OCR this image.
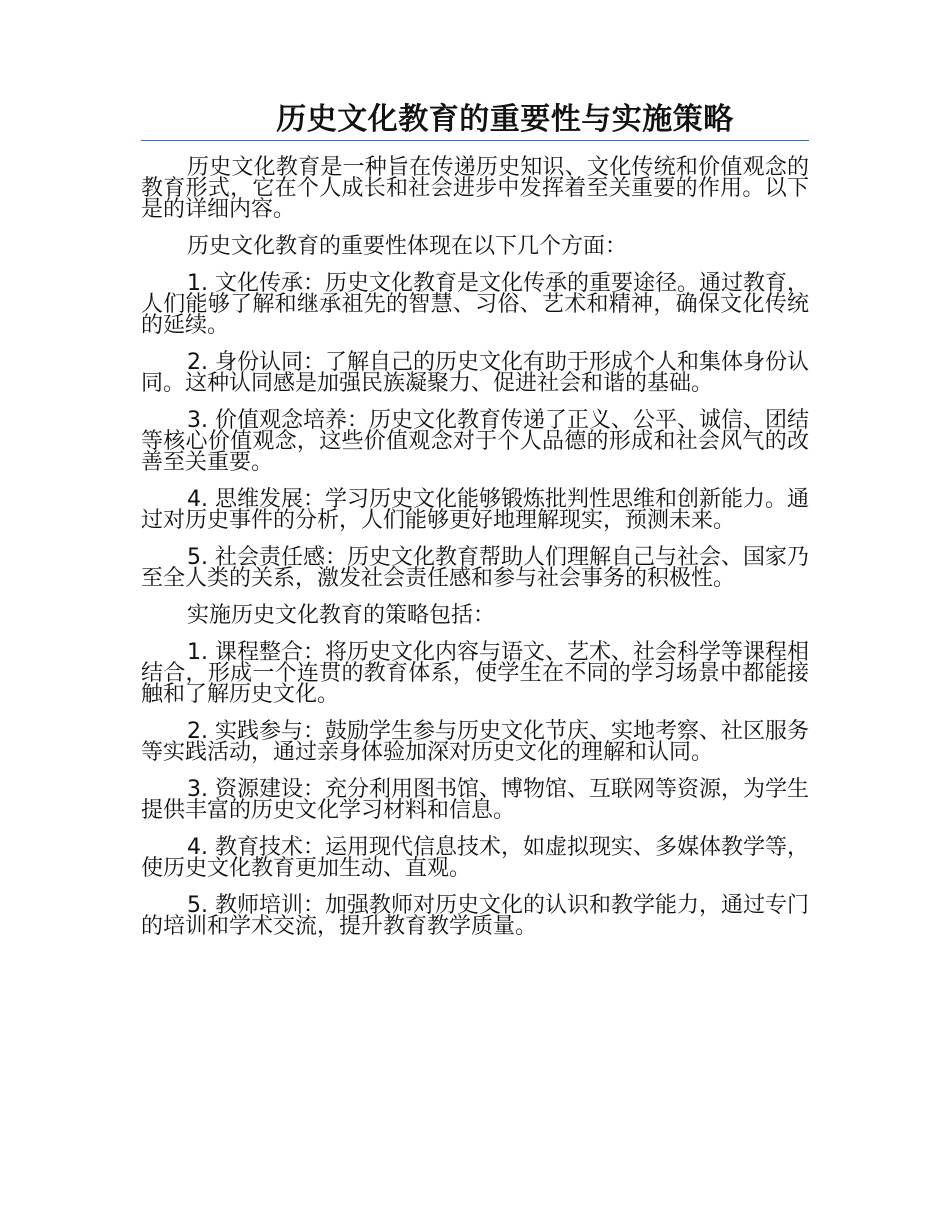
历史文化教育的重要性与实施策略

历史文化教育是一种旨在传递历史知识、文化传统和价值观念的教育形式，它在个人成长和社会进步中发挥着至关重要的作用。以下是的详细内容。

历史文化教育的重要性体现在以下几个方面：

1. 文化传承：历史文化教育是文化传承的重要途径。通过教育，人们能够了解和继承祖先的智慧、习俗、艺术和精神，确保文化传统的延续。

2. 身份认同：了解自己的历史文化有助于形成个人和集体身份认同。这种认同感是加强民族凝聚力、促进社会和谐的基础。

3. 价值观念培养：历史文化教育传递了正义、公平、诚信、团结等核心价值观念，这些价值观念对于个人品德的形成和社会风气的改善至关重要。

4. 思维发展：学习历史文化能够锻炼批判性思维和创新能力。通过对历史事件的分析，人们能够更好地理解现实，预测未来。

5. 社会责任感：历史文化教育帮助人们理解自己与社会、国家乃至全人类的关系，激发社会责任感和参与社会事务的积极性。

实施历史文化教育的策略包括：

1. 课程整合：将历史文化内容与语文、艺术、社会科学等课程相结合，形成一个连贯的教育体系，使学生在不同的学习场景中都能接触和了解历史文化。

2. 实践参与：鼓励学生参与历史文化节庆、实地考察、社区服务等实践活动，通过亲身体验加深对历史文化的理解和认同。

3. 资源建设：充分利用图书馆、博物馆、互联网等资源，为学生提供丰富的历史文化学习材料和信息。

4. 教育技术：运用现代信息技术，如虚拟现实、多媒体教学等，使历史文化教育更加生动、直观。

5. 教师培训：加强教师对历史文化的认识和教学能力，通过专门的培训和学术交流，提升教育教学质量。
